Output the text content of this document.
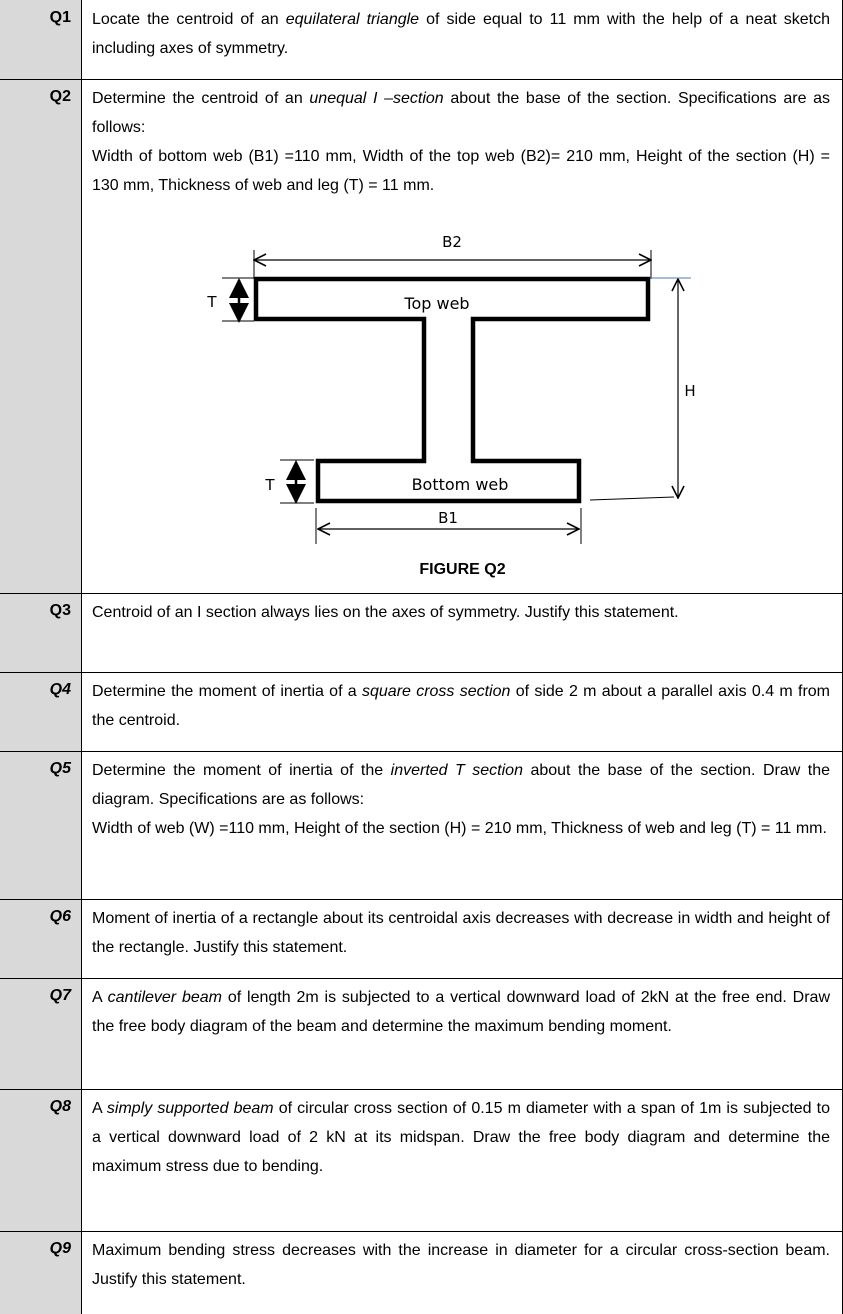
Q1 Locate the centroid of an equilateral triangle of side equal to 11 mm with the help of a neat sketch including axes of symmetry.

Q2 Determine the centroid of an unequal I –section about the base of the section. Specifications are as follows:

Width of bottom web (B1) =110 mm, Width of the top web (B2)= 210 mm, Height of the section (H) = 130 mm, Thickness of web and leg (T) = 11 mm.

B2
H
T
T
B1
Top web
Bottom web
FIGURE Q2
Q3 Centroid of an I section always lies on the axes of symmetry. Justify this statement.

Q4 Determine the moment of inertia of a square cross section of side 2 m about a parallel axis 0.4 m from the centroid.

Q5 Determine the moment of inertia of the inverted T section about the base of the section. Draw the diagram. Specifications are as follows:

Width of web (W) =110 mm, Height of the section (H) = 210 mm, Thickness of web and leg (T) = 11 mm.

Q6 Moment of inertia of a rectangle about its centroidal axis decreases with decrease in width and height of the rectangle. Justify this statement.

Q7 A cantilever beam of length 2m is subjected to a vertical downward load of 2kN at the free end. Draw the free body diagram of the beam and determine the maximum bending moment.

Q8 A simply supported beam of circular cross section of 0.15 m diameter with a span of 1m is subjected to a vertical downward load of 2 kN at its midspan. Draw the free body diagram and determine the maximum stress due to bending.

Q9 Maximum bending stress decreases with the increase in diameter for a circular cross-section beam. Justify this statement.
